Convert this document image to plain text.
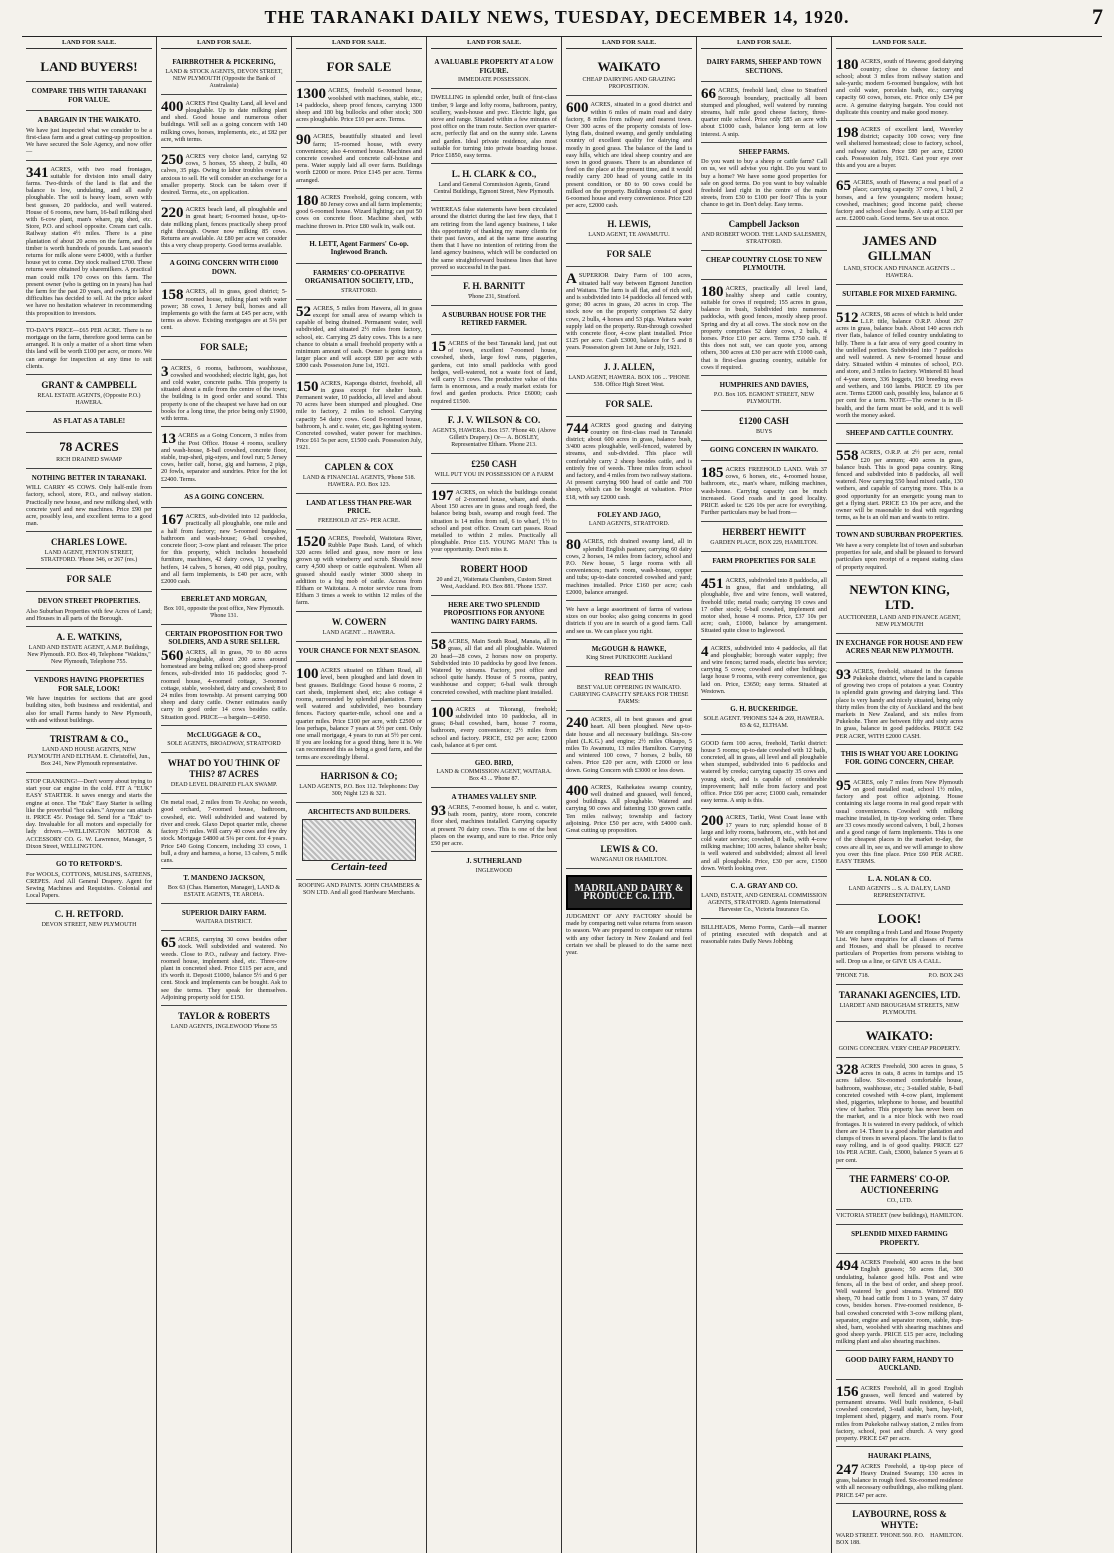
THE TARANAKI DAILY NEWS, TUESDAY, DECEMBER 14, 1920.	7
LAND FOR SALE.
LAND BUYERS!
COMPARE THIS WITH TARANAKI FOR VALUE.
A BARGAIN IN THE WAIKATO.
We have just inspected what we consider to be a first-class farm and a great cutting-up proposition. We have secured the Sole Agency, and now offer—
341 ACRES, with two road frontages, suitable for division into small dairy farms. Two-thirds of the land is flat and the balance is low, undulating, and all easily ploughable. The soil is heavy loam, sown with best grasses, 20 paddocks, and well watered. House of 6 rooms, new barn, 16-bail milking shed with 6-cow plant, man's whare, pig shed, etc. Store, P.O. and school opposite. Cream cart calls. Railway station 4½ miles. There is a pine plantation of about 20 acres on the farm, and the timber is worth hundreds of pounds. Last season's returns for milk alone were £4000, with a further house yet to come. Dry stock realised £700. These returns were obtained by sharemilkers. A practical man could milk 170 cows on this farm. The present owner (who is getting on in years) has had the farm for the past 20 years, and owing to labor difficulties has decided to sell. At the price asked we have no hesitation whatever in recommending this proposition to investors.
TO-DAY'S PRICE—£65 PER ACRE. There is no mortgage on the farm, therefore good terms can be arranged. It is only a matter of a short time when this land will be worth £100 per acre, or more. We can arrange for inspection at any time to suit clients.
GRANT & CAMPBELL
REAL ESTATE AGENTS, (Opposite P.O.) HAWERA.
AS FLAT AS A TABLE!
78 ACRES
RICH DRAINED SWAMP
NOTHING BETTER IN TARANAKI.
WILL CARRY 45 COWS. Only half-mile from factory, school, store, P.O., and railway station. Practically new house, and new milking shed, with concrete yard and new machines. Price £90 per acre, possibly less, and excellent terms to a good man.
CHARLES LOWE.
LAND AGENT, FENTON STREET, STRATFORD. 'Phone 346, or 267 (res.)
FOR SALE
DEVON STREET PROPERTIES.
Also Suburban Properties with few Acres of Land; and Houses in all parts of the Borough.
A. E. WATKINS,
LAND AND ESTATE AGENT, A.M.P. Buildings, New Plymouth. P.O. Box 49, Telephone "Watkins," New Plymouth, Telephone 755.
VENDORS HAVING PROPERTIES FOR SALE, LOOK!
We have inquiries for sections that are good building sites, both business and residential, and also for small Farms handy to New Plymouth, with and without buildings.
TRISTRAM & CO.,
LAND AND HOUSE AGENTS, NEW PLYMOUTH AND ELTHAM. E. Christoffel, Jun., Box 241, New Plymouth representative.
STOP CRANKING!—Don't worry about trying to start your car engine in the cold. FIT A "EUK" EASY STARTER. It saves energy and starts the engine at once. The "Euk" Easy Starter is selling like the proverbial "hot cakes." Anyone can attach it. PRICE 45/. Postage 9d. Send for a "Euk" to-day. Invaluable for all motors and especially for lady drivers.—WELLINGTON MOTOR & ACCESSORY CO. G. W. Lawrence, Manager, 5 Dixon Street, WELLINGTON.
GO TO RETFORD'S.
For WOOLS, COTTONS, MUSLINS, SATEENS, CREPES. And All General Drapery. Agent for Sewing Machines and Requisites. Colonial and Local Papers.
C. H. RETFORD.
DEVON STREET, NEW PLYMOUTH
LAND FOR SALE.
FAIRBROTHER & PICKERING,
LAND & STOCK AGENTS, DEVON STREET, NEW PLYMOUTH (Opposite the Bank of Australasia)
400 ACRES First Quality Land, all level and ploughable. Up to date milking plant and shed. Good house and numerous other buildings. Will sell as a going concern with 140 milking cows, horses, implements, etc., at £82 per acre, with terms.
250 ACRES very choice land, carrying 92 cows, 5 horses, 55 sheep, 2 bulls, 40 calves, 35 pigs. Owing to labor troubles owner is anxious to sell. He will consider an exchange for a smaller property. Stock can be taken over if desired. Terms, etc., on application.
220 ACRES beach land, all ploughable and in great heart; 6-roomed house, up-to-date milking plant, fences practically sheep proof right through. Owner now milking 85 cows. Returns are available. At £80 per acre we consider this a very cheap property. Good terms available.
A GOING CONCERN WITH £1000 DOWN.
158 ACRES, all in grass, good district; 5-roomed house, milking plant with water power; 38 cows, 1 Jersey bull, horses and all implements go with the farm at £45 per acre, with terms as above. Existing mortgages are at 5¼ per cent.
FOR SALE;
3 ACRES, 6 rooms, bathroom, washhouse, cowshed and woodshed; electric light, gas, hot and cold water, concrete paths. This property is situated about a mile from the centre of the town; the building is in good order and sound. This property is one of the cheapest we have had on our books for a long time, the price being only £1900, with terms.
13 ACRES as a Going Concern, 3 miles from the Post Office. House 4 rooms, scullery and wash-house, 8-bail cowshed, concrete floor, stable, trap-shed, pig-styes, and fowl run; 5 Jersey cows, heifer calf, horse, gig and harness, 2 pigs, 20 fowls, separator and sundries. Price for the lot £2400. Terms.
AS A GOING CONCERN.
167 ACRES, sub-divided into 12 paddocks, practically all ploughable, one mile and a half from factory; new 5-roomed bungalow, bathroom and wash-house; 6-bail cowshed, concrete floor; 3-cow plant and releaser. The price for this property, which includes household furniture, machines, 42 dairy cows, 12 yearling heifers, 14 calves, 5 horses, 40 odd pigs, poultry, and all farm implements, is £40 per acre, with £2000 cash.
EBERLET AND MORGAN,
Box 101, opposite the post office, New Plymouth. 'Phone 131.
CERTAIN PROPOSITION FOR TWO SOLDIERS, AND A SURE SELLER.
560 ACRES, all in grass, 70 to 80 acres ploughable, about 200 acres around homestead are being milked on; good sheep-proof fences, sub-divided into 16 paddocks; good 7-roomed house, 4-roomed cottage, 3-roomed cottage, stable, woolshed, dairy and cowshed; 8 to 24 miles from township. At present carrying 900 sheep and dairy cattle. Owner estimates easily carry in good order 14 cows besides cattle. Situation good. PRICE—a bargain—£4950.
McCLUGGAGE & CO.,
SOLE AGENTS, BROADWAY, STRATFORD
WHAT DO YOU THINK OF THIS? 87 ACRES
DEAD LEVEL DRAINED FLAX SWAMP.
On metal road, 2 miles from Te Aroha; no weeds, good orchard, 7-roomed house, bathroom, cowshed, etc. Well subdivided and watered by river and creek. Glaxo Depot quarter mile, cheese factory 2½ miles. Will carry 40 cows and few dry stock. Mortgage £4800 at 5¼ per cent. for 4 years. Price £40 Going Concern, including 33 cows, 1 bull, a dray and harness, a horse, 13 calves, 5 milk cans.
T. MANDENO JACKSON,
Box 63 (Chas. Hamerton, Manager), LAND & ESTATE AGENTS, TE AROHA.
SUPERIOR DAIRY FARM.
WAITARA DISTRICT.
65 ACRES, carrying 30 cows besides other stock. Well subdivided and watered. No weeds. Close to P.O., railway and factory. Five-roomed house, implement shed, etc. Three-cow plant in concreted shed. Price £115 per acre, and it's worth it. Deposit £1000, balance 5½ and 6 per cent. Stock and implements can be bought. Ask to see the terms. They speak for themselves. Adjoining property sold for £150.
TAYLOR & ROBERTS
LAND AGENTS, INGLEWOOD 'Phone 55
LAND FOR SALE.
FOR SALE
1300 ACRES, freehold 6-roomed house, woolshed with machines, stable, etc.; 14 paddocks, sheep proof fences, carrying 1300 sheep and 180 big bullocks and other stock; 300 acres ploughable. Price £10 per acre. Terms.
90 ACRES, beautifully situated and level farm; 15-roomed house, with every convenience; also 4-roomed house. Machines and concrete cowshed and concrete calf-house and pens. Water supply laid all over farm. Buildings worth £2000 or more. Price £145 per acre. Terms arranged.
180 ACRES Freehold, going concern, with 80 Jersey cows and all farm implements; good 6-roomed house. Wizard lighting; can put 50 cows on concrete floor. Machine shed, with machine thrown in. Price £80 walk in, walk out.
H. LETT, Agent Farmers' Co-op. Inglewood Branch.
FARMERS' CO-OPERATIVE ORGANISATION SOCIETY, LTD.,
STRATFORD.
52 ACRES, 5 miles from Hawera, all in grass except for small area of swamp which is capable of being drained. Permanent water, well subdivided, and situated 2½ miles from factory, school, etc. Carrying 25 dairy cows. This is a rare chance to obtain a small freehold property with a minimum amount of cash. Owner is going into a larger place and will accept £80 per acre with £800 cash. Possession June 1st, 1921.
150 ACRES, Kaponga district, freehold, all in grass except for shelter bush. Permanent water, 10 paddocks, all level and about 70 acres have been stumped and ploughed. One mile to factory, 2 miles to school. Carrying capacity 54 dairy cows. Good 8-roomed house, bathroom, h. and c. water, etc, gas lighting system. Concreted cowshed, water power for machines. Price £61 5s per acre, £1500 cash. Possession July, 1921.
CAPLEN & COX
LAND & FINANCIAL AGENTS, 'Phone 518. HAWERA. P.O. Box 123.
LAND AT LESS THAN PRE-WAR PRICE.
FREEHOLD AT 25/- PER ACRE.
1520 ACRES, Freehold, Waitotara River, Rubble Pape Bush. Land, of which 320 acres felled and grass, now more or less grown up with wineberry and scrub. Should now carry 4,500 sheep or cattle equivalent. When all grassed should easily winter 3000 sheep in addition to a big mob of cattle. Access from Eltham or Waitotara. A motor service runs from Eltham 3 times a week to within 12 miles of the farm.
W. COWERN
LAND AGENT ... HAWERA.
YOUR CHANCE FOR NEXT SEASON.
100 ACRES situated on Eltham Road, all level, been ploughed and laid down in best grasses. Buildings: Good house 6 rooms, 2 cart sheds, implement shed, etc; also cottage 4 rooms, surrounded by splendid plantation. Farm well watered and subdivided, two boundary fences. Factory quarter-mile, school one and a quarter miles. Price £100 per acre, with £2500 or less perhaps, balance 7 years at 5½ per cent. Only one small mortgage, 4 years to run at 5½ per cent. If you are looking for a good thing, here it is. We can recommend this as being a good farm, and the terms are exceedingly liberal.
HARRISON & CO;
LAND AGENTS, P.O. Box 112. Telephones: Day 300; Night 123 & 321.
ARCHITECTS AND BUILDERS.
Certain-teed
ROOFING AND PAINTS. JOHN CHAMBERS & SON LTD. And all good Hardware Merchants.
LAND FOR SALE.
A VALUABLE PROPERTY AT A LOW FIGURE.
IMMEDIATE POSSESSION.
DWELLING in splendid order, built of first-class timber, 9 large and lofty rooms, bathroom, pantry, scullery, wash-house and pwc. Electric light, gas stove and range. Situated within a few minutes of post office on the tram route. Section over quarter-acre, perfectly flat and on the sunny side. Lawns and garden. Ideal private residence, also most suitable for turning into private boarding house. Price £1850, easy terms.
L. H. CLARK & CO.,
Land and General Commission Agents, Grand Central Buildings, Egmont Street, New Plymouth.
WHEREAS false statements have been circulated around the district during the last few days, that I am retiring from the land agency business, I take this opportunity of thanking my many clients for their past favors, and at the same time assuring them that I have no intention of retiring from the land agency business, which will be conducted on the same straightforward business lines that have proved so successful in the past.
F. H. BARNITT
'Phone 231, Stratford.
A SUBURBAN HOUSE FOR THE RETIRED FARMER.
15 ACRES of the best Taranaki land, just out of town, excellent 7-roomed house, cowshed, sheds, large fowl runs, piggeries, gardens, cut into small paddocks with good hedges, well-watered, not a waste foot of land, will carry 13 cows. The productive value of this farm is enormous, and a ready market exists for fowl and garden products. Price £6000; cash required £1500.
F. J. V. WILSON & CO.
AGENTS, HAWERA. Box 157. 'Phone 40. (Above Gillett's Drapery.) Or— A. BOSLEY, Representative Eltham. 'Phone 213.
£250 CASH
WILL PUT YOU IN POSSESSION OF A FARM
197 ACRES, on which the buildings consist of 2-roomed house, whare, and sheds. About 150 acres are in grass and rough feed, the balance being bush, swamp and rough feed. The situation is 14 miles from rail, 6 to wharf, 1½ to school and post office. Cream cart passes. Road metalled to within 2 miles. Practically all ploughable. Price £15. YOUNG MAN! This is your opportunity. Don't miss it.
ROBERT HOOD
20 and 21, Waitemata Chambers, Custom Street West, Auckland. P.O. Box 881. 'Phone 1537.
HERE ARE TWO SPLENDID PROPOSITIONS FOR ANYONE WANTING DAIRY FARMS.
58 ACRES, Main South Road, Manaia, all in grass, all flat and all ploughable. Watered 20 head—28 cows, 2 horses now on property. Subdivided into 10 paddocks by good live fences. Watered by streams. Factory, post office and school quite handy. House of 5 rooms, pantry, washhouse and copper; 6-bail walk through concreted cowshed, with machine plant installed.
100 ACRES at Tikorangi, freehold; subdivided into 10 paddocks, all in grass; 8-bail cowshed, barn, house 7 rooms, bathroom, every convenience; 2½ miles from school and factory. PRICE, £92 per acre; £2000 cash, balance at 6 per cent.
GEO. BIRD,
LAND & COMMISSION AGENT, WAITARA. Box 43 ... 'Phone 87.
A THAMES VALLEY SNIP.
93 ACRES, 7-roomed house, h. and c. water, bath room, pantry, store room, concrete floor shed, machines installed. Carrying capacity at present 70 dairy cows. This is one of the best places on the swamp, and sure to rise. Price only £50 per acre.
J. SUTHERLAND
INGLEWOOD
LAND FOR SALE.
WAIKATO
CHEAP DAIRYING AND GRAZING PROPOSITION.
600 ACRES, situated in a good district and within 6 miles of main road and dairy factory, 8 miles from railway and nearest town. Over 300 acres of the property consists of low-lying flats, drained swamp, and gently undulating country of excellent quality for dairying and mostly in good grass. The balance of the land is easy hills, which are ideal sheep country and are sown in good grasses. There is an abundance of feed on the place at the present time, and it would readily carry 200 head of young cattle in its present condition, or 80 to 90 cows could be milked on the property. Buildings consist of good 6-roomed house and every convenience. Price £20 per acre, £2000 cash.
H. LEWIS,
LAND AGENT, TE AWAMUTU.
FOR SALE
ASUPERIOR Dairy Farm of 100 acres, situated half way between Egmont Junction and Waitara. The farm is all flat, and of rich soil, and is subdivided into 14 paddocks all fenced with gorse; 80 acres in grass, 20 acres in crop. The stock now on the property comprises 52 dairy cows, 2 bulls, 4 horses and 53 pigs. Waitara water supply laid on the property. Run-through cowshed with concrete floor, 4-cow plant installed. Price £125 per acre. Cash £3000, balance for 5 and 8 years. Possession given 1st June or July, 1921.
J. J. ALLEN,
LAND AGENT, HAWERA. BOX 106 ... 'PHONE 538. Office High Street West.
FOR SALE.
744 ACRES good grazing and dairying country on first-class road in Taranaki district; about 600 acres in grass, balance bush, 3/400 acres ploughable, well-fenced, watered by streams, and sub-divided. This place will comfortably carry 2 sheep besides cattle, and is entirely free of weeds. Three miles from school and factory, and 4 miles from two railway stations. At present carrying 900 head of cattle and 700 sheep, which can be bought at valuation. Price £18, with say £2000 cash.
FOLEY AND JAGO,
LAND AGENTS, STRATFORD.
80 ACRES, rich drained swamp land, all in splendid English pasture; carrying 60 dairy cows, 2 horses, 14 miles from factory, school and P.O. New house, 5 large rooms with all conveniences; man's room, wash-house, copper and tubs; up-to-date concreted cowshed and yard; machines installed. Price £160 per acre; cash £2000, balance arranged.
We have a large assortment of farms of various sizes on our books; also going concerns in good districts if you are in search of a good farm. Call and see us. We can place you right.
McGOUGH & HAWKE,
King Street PUKEKOHE Auckland
READ THIS
BEST VALUE OFFERING IN WAIKATO. CARRYING CAPACITY SPEAKS FOR THESE FARMS:
240 ACRES, all in best grasses and great heart. All been ploughed. New up-to-date house and all necessary buildings. Six-cow plant (L.K.G.) and engine; 2½ miles Ohaupo, 5 miles To Awamutu, 13 miles Hamilton. Carrying and wintered 100 cows, 7 horses, 2 bulls, 60 calves. Price £20 per acre, with £2000 or less down. Going Concern with £3000 or less down.
400 ACRES, Kaihekatea swamp country, well drained and grassed, well fenced, good buildings. All ploughable. Watered and carrying 90 cows and fattening 130 grown cattle. Ten miles railway; township and factory adjoining. Price £50 per acre, with £4000 cash. Great cutting up proposition.
LEWIS & CO.
WANGANUI OR HAMILTON.
MADRILAND DAIRY & PRODUCE Co. LTD.
JUDGMENT OF ANY FACTORY should be made by comparing nett value returns from season to season. We are prepared to compare our returns with any other factory in New Zealand and feel certain we shall be pleased to do the same next year.
LAND FOR SALE.
DAIRY FARMS, SHEEP AND TOWN SECTIONS.
66 ACRES, freehold land, close to Stratford Borough boundary, practically all been stumped and ploughed, well watered by running streams, half mile good cheese factory, three-quarter mile school. Price only £85 an acre with about £1000 cash, balance long term at low interest. A snip.
SHEEP FARMS.
Do you want to buy a sheep or cattle farm? Call on us, we will advise you right. Do you want to buy a home? We have some good properties for sale on good terms. Do you want to buy valuable freehold land right in the centre of the main streets, from £30 to £100 per foot? This is your chance to get in. Don't delay. Easy terms.
Campbell Jackson
AND ROBERT WOOD. THE LAND SALESMEN, STRATFORD.
CHEAP COUNTRY CLOSE TO NEW PLYMOUTH.
180 ACRES, practically all level land, healthy sheep and cattle country, suitable for cows if required; 155 acres in grass, balance in bush, Subdivided into numerous paddocks, with good fences, mostly sheep proof. Spring and dry at all cows. The stock now on the property comprises 52 dairy cows, 2 bulls, 4 horses. Price £10 per acre. Terms £750 cash. If this does not suit, we can quote you, among others, 300 acres at £30 per acre with £1000 cash, that is first-class grazing country, suitable for cows if required.
HUMPHRIES AND DAVIES,
P.O. Box 105. EGMONT STREET, NEW PLYMOUTH.
£1200 CASH
BUYS
GOING CONCERN IN WAIKATO.
185 ACRES FREEHOLD LAND. With 37 cows, 6 horses, etc., 4-roomed house, bathroom, etc., man's whare, milking machines, wash-house. Carrying capacity can be much increased. Good roads and in good locality. PRICE asked is: £26 10s per acre for everything. Further particulars may be had from—
HERBERT HEWITT
GARDEN PLACE, BOX 229, HAMILTON.
FARM PROPERTIES FOR SALE
451 ACRES, subdivided into 8 paddocks, all in grass, flat and undulating, all ploughable, five and wire fences, well watered, freehold title; metal roads; carrying 19 cows and 17 other stock; 6-bail cowshed, implement and motor shed, house 4 rooms. Price, £37 10s per acre; cash, £1000, balance by arrangement. Situated quite close to Inglewood.
4 ACRES, subdivided into 4 paddocks, all flat and ploughable; borough water supply; five and wire fences; tarred roads, electric bus service; carrying 5 cows; cowshed and other buildings; large house 9 rooms, with every convenience, gas laid on. Price, £3650; easy terms. Situated at Westown.
G. H. BUCKERIDGE.
SOLE AGENT. 'PHONES 524 & 269, HAWERA. 83 & 62, ELTHAM.
GOOD farm 100 acres, freehold, Tariki district: house 5 rooms; up-to-date cowshed with 12 bails, concreted, all in grass, all level and all ploughable when stumped, subdivided into 6 paddocks and watered by creeks; carrying capacity 35 cows and young stock, and is capable of considerable improvement; half mile from factory and post office. Price £66 per acre; £1000 cash, remainder easy terms. A snip is this.
200 ACRES, Tariki, West Coast lease with 17 years to run; splendid house of 8 large and lofty rooms, bathroom, etc., with hot and cold water service; cowshed, 8 bails, with 4-cow milking machine; 100 acres, balance shelter bush; is well watered and subdivided; almost all level and all ploughable. Price, £30 per acre, £1500 down. Worth looking over.
C. A. GRAY AND CO.
LAND, ESTATE, AND GENERAL COMMISSION AGENTS, STRATFORD. Agents International Harvester Co., Victoria Insurance Co.
BILLHEADS, Memo Forms, Cards—all manner of printing executed with despatch and at reasonable rates Daily News Jobbing
LAND FOR SALE.
180 ACRES, south of Hawera; good dairying country; close to cheese factory and school; about 3 miles from railway station and sale-yards; modern 6-roomed bungalow, with hot and cold water, porcelain bath, etc.; carrying capacity 60 cows, horses, etc. Price only £34 per acre. A genuine dairying bargain. You could not duplicate this country and make good money.
198 ACRES of excellent land, Waverley district; capacity 100 cows; very fine well sheltered homestead; close to factory, school, and railway station. Price £80 per acre, £2000 cash. Possession July, 1921. Cast your eye over this and you are a buyer.
65 ACRES, south of Hawera; a real pearl of a place; carrying capacity 37 cows, 1 bull, 2 horses, and a few youngsters; modern house; cowshed, machines; good income paid; cheese factory and school close handy. A snip at £120 per acre. £2000 cash. Good terms. See us at once.
JAMES AND GILLMAN
LAND, STOCK AND FINANCE AGENTS ... HAWERA.
SUITABLE FOR MIXED FARMING.
512 ACRES, 98 acres of which is held under L.I.P. title, balance O.R.P. About 267 acres in grass, balance bush. About 140 acres rich river flats, balance of felled country undulating to hilly. There is a fair area of very good country in the unfelled portion. Subdivided into 7 paddocks and well watered. A new 6-roomed house and dairy. Situated within 4 minutes of school, P.O. and store, and 3 miles to factory. Wintered 81 head of 4-year steers, 336 hoggets, 150 breeding ewes and wethers, and 160 lambs. PRICE £9 10s per acre. Terms £2000 cash, possibly less, balance at 6 per cent for a term. NOTE—The owner is in ill-health, and the farm must be sold, and it is well worth the money asked.
SHEEP AND CATTLE COUNTRY.
558 ACRES, O.R.P. at 2½ per acre, rental £20 per annum; 400 acres in grass, balance bush. This is good papa country. Ring fenced and subdivided into 8 paddocks, all well watered. Now carrying 550 head mixed cattle, 130 wethers, and capable of carrying more. This is a good opportunity for an energetic young man to get a flying start. PRICE £3 10s per acre, and the owner will be reasonable to deal with regarding terms, as he is an old man and wants to retire.
TOWN AND SUBURBAN PROPERTIES.
We have a very complete list of town and suburban properties for sale, and shall be pleased to forward particulars upon receipt of a request stating class of property required.
NEWTON KING, LTD.
AUCTIONEER, LAND AND FINANCE AGENT, NEW PLYMOUTH
IN EXCHANGE FOR HOUSE AND FEW ACRES NEAR NEW PLYMOUTH.
93 ACRES, freehold, situated in the famous Pukekohe district, where the land is capable of growing two crops of potatoes a year. Country is splendid grain growing and dairying land. This place is very handy and nicely situated, being only thirty miles from the city of Auckland and the best markets in New Zealand, and six miles from Pukekohe. There are between fifty and sixty acres in grass, balance in good paddocks. PRICE £42 PER ACRE, WITH £2000 CASH.
THIS IS WHAT YOU ARE LOOKING FOR. GOING CONCERN, CHEAP.
95 ACRES, only 7 miles from New Plymouth on good metalled road, school 1½ miles, factory and post office adjoining. House containing six large rooms in real good repair with usual conveniences. Cowshed with milking machine installed, in tip-top working order. There are 33 cows mostly second calvers, 1 bull, 2 horses and a good range of farm implements. This is one of the cheapest places in the market to-day, the cows are all in, see us, and we will arrange to show you over this fine place. Price £60 PER ACRE. EASY TERMS.
L. A. NOLAN & CO.
LAND AGENTS ... S. A. DALEY, LAND REPRESENTATIVE.
LOOK!
We are compiling a fresh Land and House Property List. We have enquiries for all classes of Farms and Houses, and shall be pleased to receive particulars of Properties from persons wishing to sell. Drop us a line, or GIVE US A CALL.
'PHONE 718.	P.O. BOX 243
TARANAKI AGENCIES, LTD.
LIARDET AND BROUGHAM STREETS, NEW PLYMOUTH.
WAIKATO:
GOING CONCERN. VERY CHEAP PROPERTY.
328 ACRES Freehold, 300 acres in grass, 5 acres in oats, 8 acres in turnips and 15 acres fallow. Six-roomed comfortable house, bathroom, washhouse, etc.; 3-stalled stable, 8-bail concreted cowshed with 4-cow plant, implement shed, piggeries, telephone to house, and beautiful view of harbor. This property has never been on the market, and is a nice block with two road frontages. It is watered in every paddock, of which there are 14. There is a good shelter plantation and clumps of trees in several places. The land is flat to easy rolling, and is of good quality. PRICE £27 10s PER ACRE. Cash, £3000, balance 5 years at 6 per cent.
THE FARMERS' CO-OP. AUCTIONEERING
CO., LTD.
VICTORIA STREET (new buildings), HAMILTON.
SPLENDID MIXED FARMING PROPERTY.
494 ACRES Freehold, 400 acres in the best English grasses; 50 acres flat, 300 undulating, balance good hills. Post and wire fences, all in the best of order, and sheep proof. Well watered by good streams. Wintered 800 sheep, 70 head cattle from 1 to 3 years, 37 dairy cows, besides horses. Five-roomed residence, 8-bail cowshed concreted with 3-cow milking plant, separator, engine and separator room, stable, trap-shed, barn, woolshed with shearing machines and good sheep yards. PRICE £15 per acre, including milking plant and also shearing machines.
GOOD DAIRY FARM, HANDY TO AUCKLAND.
156 ACRES Freehold, all in good English grasses, well fenced and watered by permanent streams. Well built residence, 6-bail cowshed concreted, 3-stall stable, barn, hay-loft, implement shed, piggery, and man's room. Four miles from Pukekohe railway station, 2 miles from factory, school, post and church. A very good property. PRICE £47 per acre.
HAURAKI PLAINS,
247 ACRES Freehold, a tip-top piece of Heavy Drained Swamp; 130 acres in grass, balance in rough feed. Six-roomed residence with all necessary outbuildings, also milking plant. PRICE £47 per acre.
LAYBOURNE, ROSS & WHYTE:
WARD STREET. 'PHONE 560. P.O. BOX 188.
HAMILTON.
